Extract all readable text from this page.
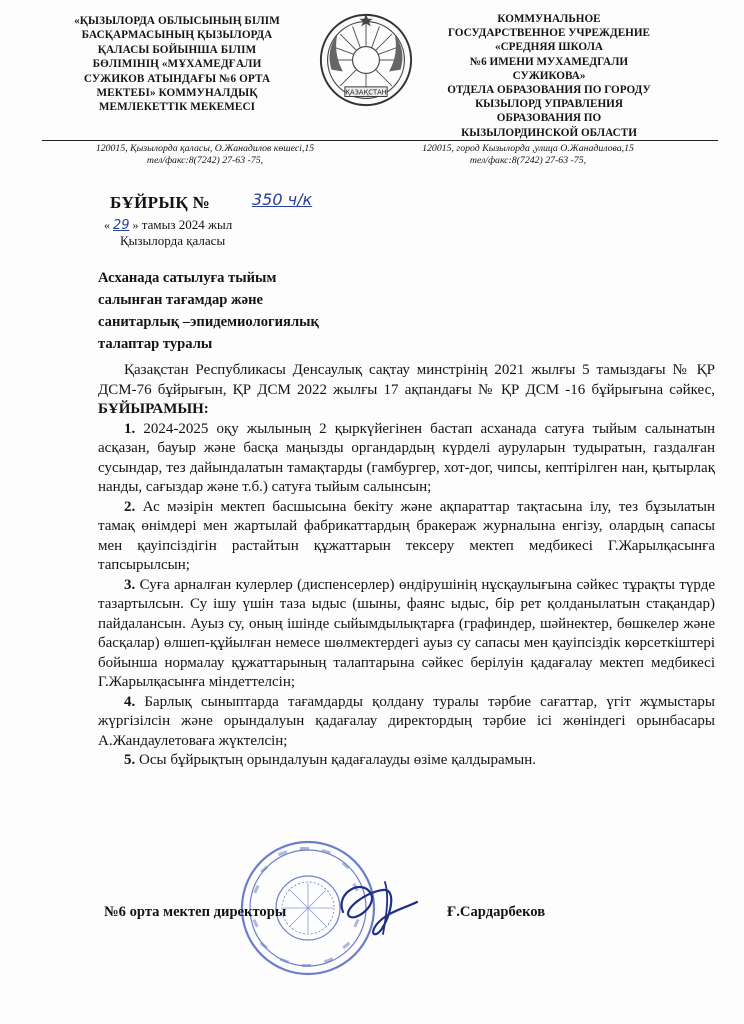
«ҚЫЗЫЛОРДА ОБЛЫСЫНЫҢ БІЛІМ
БАСҚАРМАСЫНЫҢ ҚЫЗЫЛОРДА
ҚАЛАСЫ БОЙЫНША БІЛІМ
БӨЛІМІНІҢ «МҰХАМЕДҒАЛИ
СУЖИКОВ АТЫНДАҒЫ №6 ОРТА
МЕКТЕБІ» КОММУНАЛДЫҚ
МЕМЛЕКЕТТІК МЕКЕМЕСІ
ҚАЗАҚСТАН
КОММУНАЛЬНОЕ
ГОСУДАРСТВЕННОЕ УЧРЕЖДЕНИЕ
«СРЕДНЯЯ ШКОЛА
№6 ИМЕНИ МУХАМЕДГАЛИ
СУЖИКОВА»
ОТДЕЛА ОБРАЗОВАНИЯ ПО ГОРОДУ
КЫЗЫЛОРД УПРАВЛЕНИЯ
ОБРАЗОВАНИЯ ПО
КЫЗЫЛОРДИНСКОЙ ОБЛАСТИ
120015, Қызылорда қаласы, О.Жанадилов көшесі,15
тел/факс:8(7242) 27-63 -75,
120015, город Кызылорда ,улица О.Жанадилова,15
тел/факс:8(7242) 27-63 -75,
БҰЙРЫҚ №	350 ч/к
« 29 » тамыз 2024 жыл
Қызылорда қаласы
Асханада сатылуға тыйым
салынған тағамдар және
санитарлық –эпидемиологиялық
талаптар туралы

Қазақстан Республикасы Денсаулық сақтау минстрінің 2021 жылғы 5 тамыздағы № ҚР ДСМ-76 бұйрығын, ҚР ДСМ 2022 жылғы 17 ақпандағы № ҚР ДСМ -16 бұйрығына сәйкес, БҰЙЫРАМЫН:

1. 2024-2025 оқу жылының 2 қыркүйегінен бастап асханада сатуға тыйым салынатын асқазан, бауыр және басқа маңызды органдардың күрделі ауруларын тудыратын, газдалған сусындар, тез дайындалатын тамақтарды (гамбургер, хот-дог, чипсы, кептірілген нан, қытырлақ нанды, сағыздар және т.б.) сатуға тыйым салынсын;

2. Ас мәзірін мектеп басшысына бекіту және ақпараттар тақтасына ілу, тез бұзылатын тамақ өнімдері мен жартылай фабрикаттардың бракераж журналына енгізу, олардың сапасы мен қауіпсіздігін растайтын құжаттарын тексеру мектеп медбикесі Г.Жарылқасынға тапсырылсын;

3. Суға арналған кулерлер (диспенсерлер) өндірушінің нұсқаулығына сәйкес тұрақты түрде тазартылсын. Су ішу үшін таза ыдыс (шыны, фаянс ыдыс, бір рет қолданылатын стақандар) пайдалансын. Ауыз су, оның ішінде сыйымдылықтарға (графиндер, шәйнектер, бөшкелер және басқалар) өлшеп-құйылған немесе шөлмектердегі ауыз су сапасы мен қауіпсіздік көрсеткіштері бойынша нормалау құжаттарының талаптарына сәйкес берілуін қадағалау мектеп медбикесі Г.Жарылқасынға міндеттелсін;

4. Барлық сыныптарда тағамдарды қолдану туралы тәрбие сағаттар, үгіт жұмыстары жүргізілсін және орындалуын қадағалау директордың тәрбие ісі жөніндегі орынбасары А.Жандаулетоваға жүктелсін;

5. Осы бұйрықтың орындалуын қадағалауды өзіме қалдырамын.

№6 орта мектеп директоры	Ғ.Сардарбеков
